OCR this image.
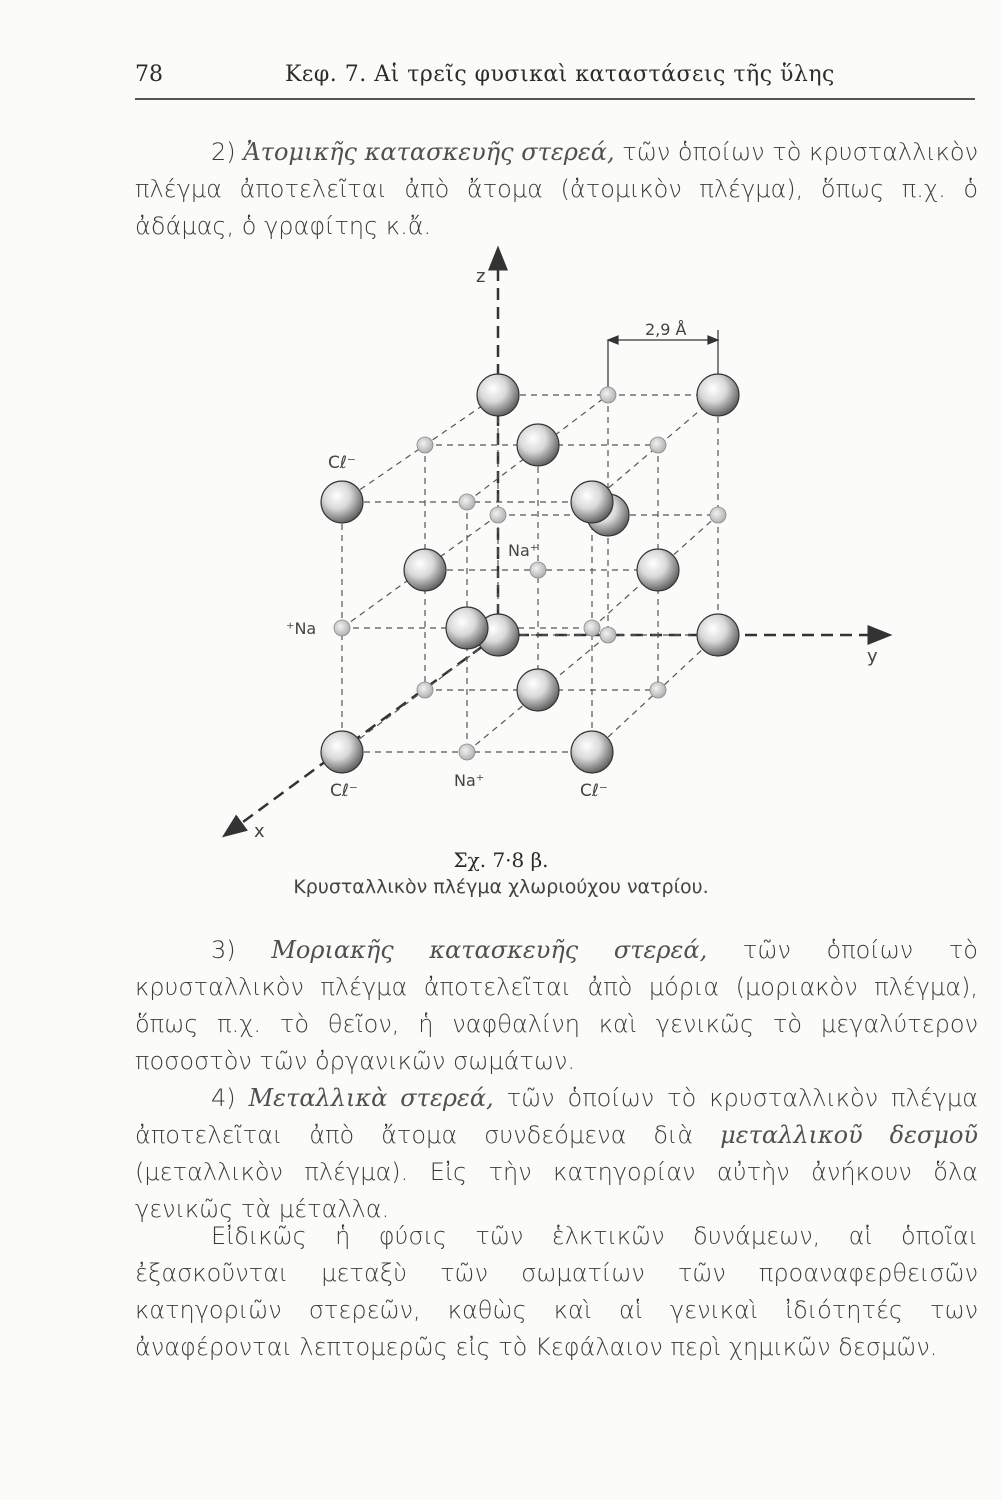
78	Κεφ. 7. Αἱ τρεῖς φυσικαὶ καταστάσεις τῆς ὕλης

2) Ἀτομικῆς κατασκευῆς στερεά, τῶν ὁποίων τὸ κρυσταλλικὸν πλέγμα ἀποτελεῖται ἀπὸ ἄτομα (ἀτομικὸν πλέγμα), ὅπως π.χ. ὁ ἀδάμας, ὁ γραφίτης κ.ἄ.

2,9 Å
z
y
x
Cℓ⁻
Na⁺
⁺Na
Cℓ⁻
Na⁺
Cℓ⁻
Σχ. 7·8 β.
Κρυσταλλικὸν πλέγμα χλωριούχου νατρίου.

3) Μοριακῆς κατασκευῆς στερεά, τῶν ὁποίων τὸ κρυσταλλικὸν πλέγμα ἀποτελεῖται ἀπὸ μόρια (μοριακὸν πλέγμα), ὅπως π.χ. τὸ θεῖον, ἡ ναφθαλίνη καὶ γενικῶς τὸ μεγαλύτερον ποσοστὸν τῶν ὀργανικῶν σωμάτων.

4) Μεταλλικὰ στερεά, τῶν ὁποίων τὸ κρυσταλλικὸν πλέγμα ἀποτελεῖται ἀπὸ ἄτομα συνδεόμενα διὰ μεταλλικοῦ δεσμοῦ (μεταλλικὸν πλέγμα). Εἰς τὴν κατηγορίαν αὐτὴν ἀνήκουν ὅλα γενικῶς τὰ μέταλλα.

Εἰδικῶς ἡ φύσις τῶν ἑλκτικῶν δυνάμεων, αἱ ὁποῖαι ἐξασκοῦνται μεταξὺ τῶν σωματίων τῶν προαναφερθεισῶν κατηγοριῶν στερεῶν, καθὼς καὶ αἱ γενικαὶ ἰδιότητές των ἀναφέρονται λεπτομερῶς εἰς τὸ Κεφάλαιον περὶ χημικῶν δεσμῶν.
